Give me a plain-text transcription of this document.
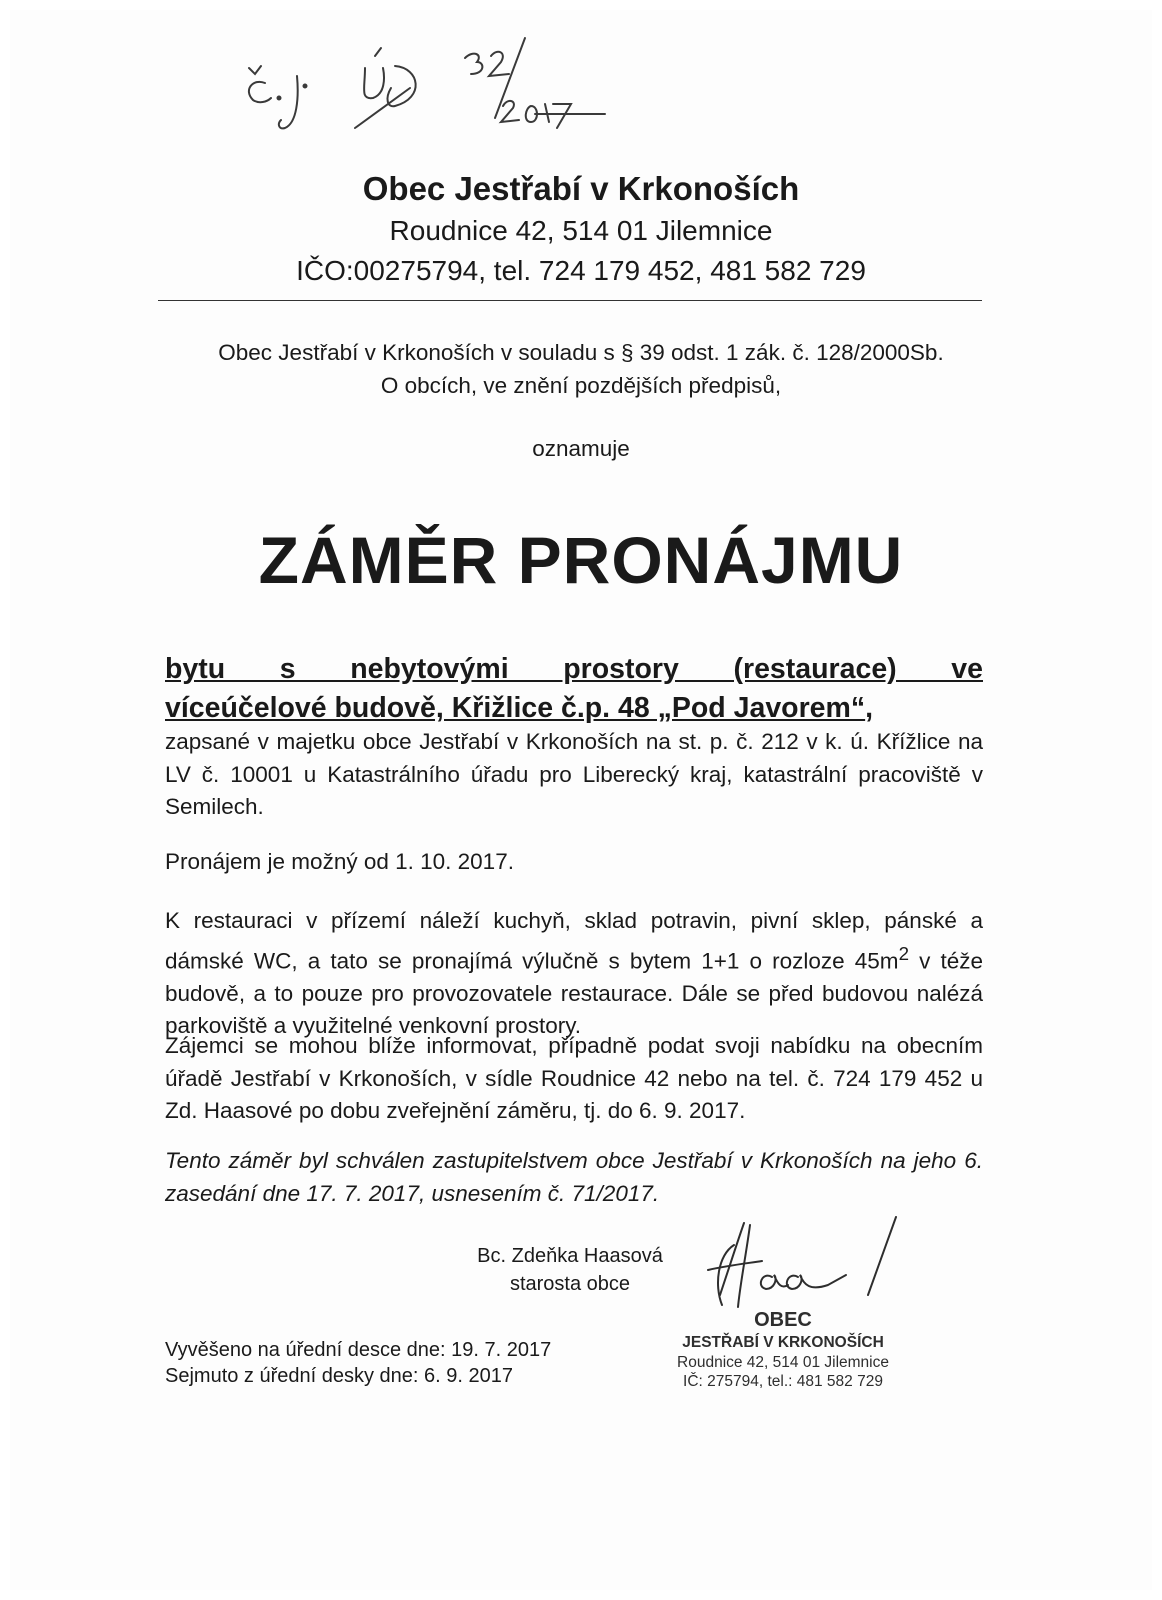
Obec Jestřabí v Krkonoších
Roudnice 42, 514 01 Jilemnice
IČO:00275794, tel. 724 179 452, 481 582 729
Obec Jestřabí v Krkonoších v souladu s § 39 odst. 1 zák. č. 128/2000Sb.
O obcích, ve znění pozdějších předpisů,
oznamuje
ZÁMĚR PRONÁJMU
bytu s nebytovými prostory (restaurace) ve
víceúčelové budově, Křižlice č.p. 48 „Pod Javorem“,
zapsané v majetku obce Jestřabí v Krkonoších na st. p. č. 212 v k. ú. Křížlice na LV č. 10001 u Katastrálního úřadu pro Liberecký kraj, katastrální pracoviště v Semilech.
Pronájem je možný od 1. 10. 2017.
K restauraci v přízemí náleží kuchyň, sklad potravin, pivní sklep, pánské a dámské WC, a tato se pronajímá výlučně s bytem 1+1 o rozloze $45m^2$ v téže budově, a to pouze pro provozovatele restaurace. Dále se před budovou nalézá parkoviště a využitelné venkovní prostory.
Zájemci se mohou blíže informovat, případně podat svoji nabídku na obecním úřadě Jestřabí v Krkonoších, v sídle Roudnice 42 nebo na tel. č. 724 179 452 u Zd. Haasové po dobu zveřejnění záměru, tj. do 6. 9. 2017.
Tento záměr byl schválen zastupitelstvem obce Jestřabí v Krkonoších na jeho 6. zasedání dne 17. 7. 2017, usnesením č. 71/2017.
Bc. Zdeňka Haasová
starosta obce
Vyvěšeno na úřední desce dne: 19. 7. 2017
Sejmuto z úřední desky dne: 6. 9. 2017
OBEC
JESTŘABÍ V KRKONOŠÍCH
Roudnice 42, 514 01 Jilemnice
IČ: 275794, tel.: 481 582 729
